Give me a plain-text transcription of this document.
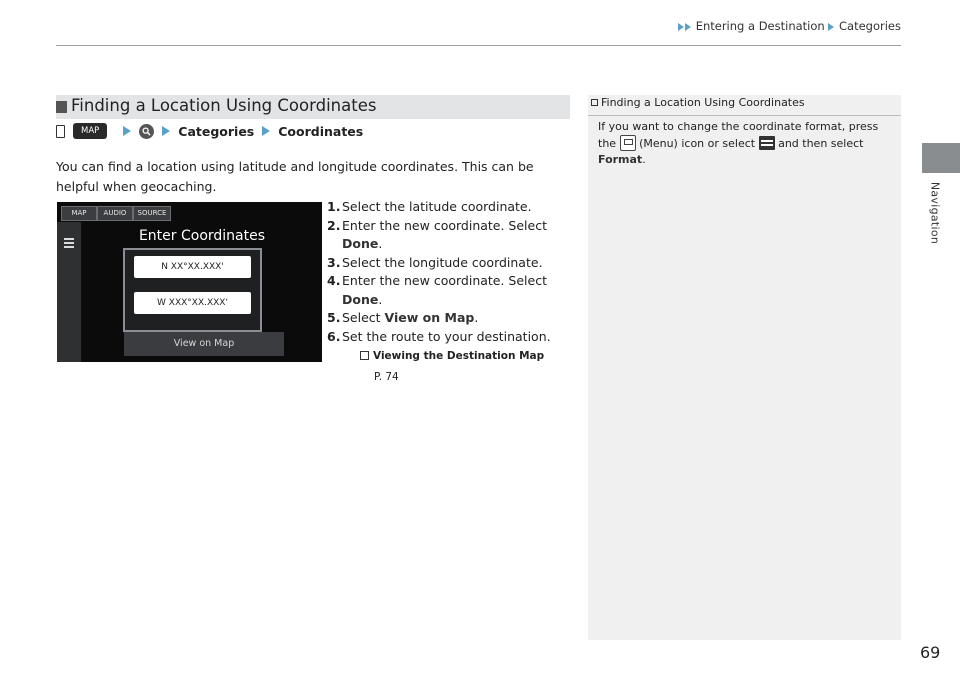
Entering a Destination Categories
Navigation
Finding a Location Using Coordinates
MAP	Categories Coordinates
You can find a location using latitude and longitude coordinates. This can be helpful when geocaching.
MAP	AUDIO	SOURCE
Enter Coordinates
N XX°XX.XXX'
W XXX°XX.XXX'
View on Map
1. Select the latitude coordinate.
2. Enter the new coordinate. Select Done.
3. Select the longitude coordinate.
4. Enter the new coordinate. Select Done.
5. Select View on Map.
6. Set the route to your destination.
Viewing the Destination Map
P. 74
Finding a Location Using Coordinates
If you want to change the coordinate format, press
the (Menu) icon or select and then select
Format.
69
